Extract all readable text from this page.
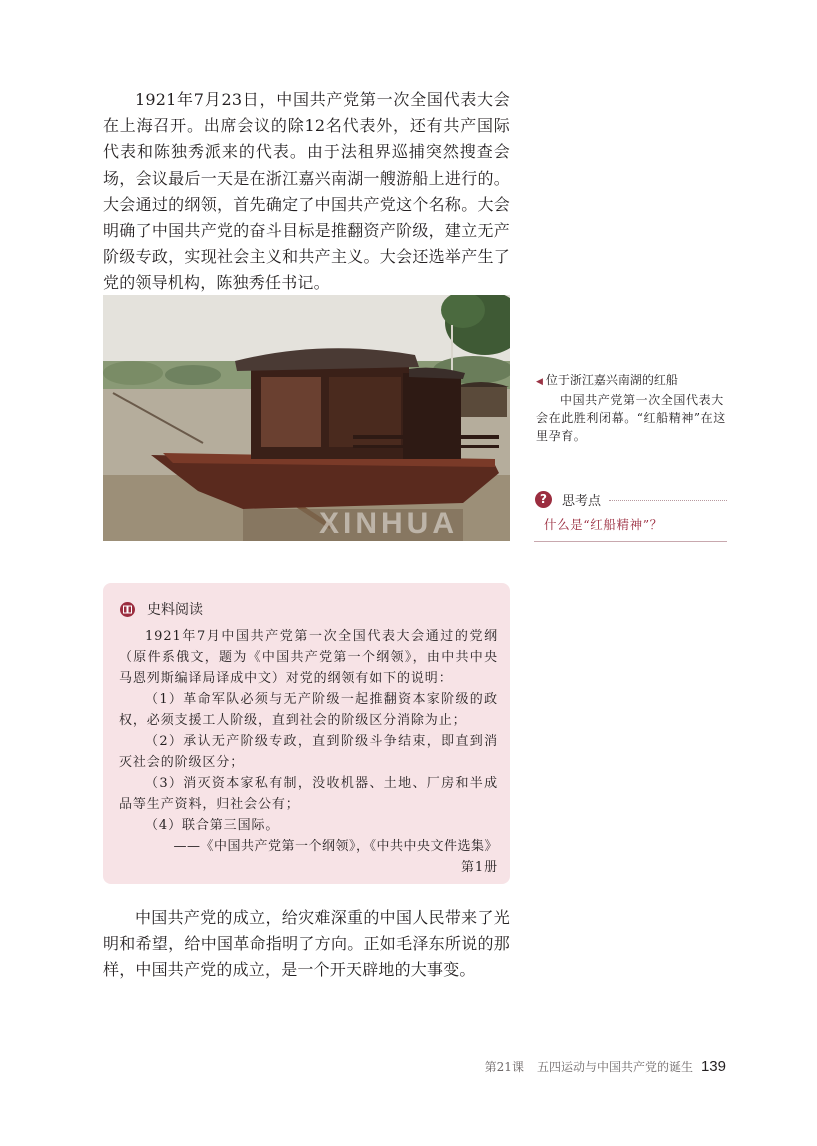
1921年7月23日，中国共产党第一次全国代表大会在上海召开。出席会议的除12名代表外，还有共产国际代表和陈独秀派来的代表。由于法租界巡捕突然搜查会场，会议最后一天是在浙江嘉兴南湖一艘游船上进行的。大会通过的纲领，首先确定了中国共产党这个名称。大会明确了中国共产党的奋斗目标是推翻资产阶级，建立无产阶级专政，实现社会主义和共产主义。大会还选举产生了党的领导机构，陈独秀任书记。

XINHUA
◀ 位于浙江嘉兴南湖的红船
中国共产党第一次全国代表大会在此胜利闭幕。“红船精神”在这里孕育。
?	思考点
什么是“红船精神”？
史料阅读

1921年7月中国共产党第一次全国代表大会通过的党纲（原件系俄文，题为《中国共产党第一个纲领》，由中共中央马恩列斯编译局译成中文）对党的纲领有如下的说明：

（1）革命军队必须与无产阶级一起推翻资本家阶级的政权，必须支援工人阶级，直到社会的阶级区分消除为止；

（2）承认无产阶级专政，直到阶级斗争结束，即直到消灭社会的阶级区分；

（3）消灭资本家私有制，没收机器、土地、厂房和半成品等生产资料，归社会公有；

（4）联合第三国际。

——《中国共产党第一个纲领》，《中共中央文件选集》

第1册

中国共产党的成立，给灾难深重的中国人民带来了光明和希望，给中国革命指明了方向。正如毛泽东所说的那样，中国共产党的成立，是一个开天辟地的大事变。

第21课 五四运动与中国共产党的诞生 139
